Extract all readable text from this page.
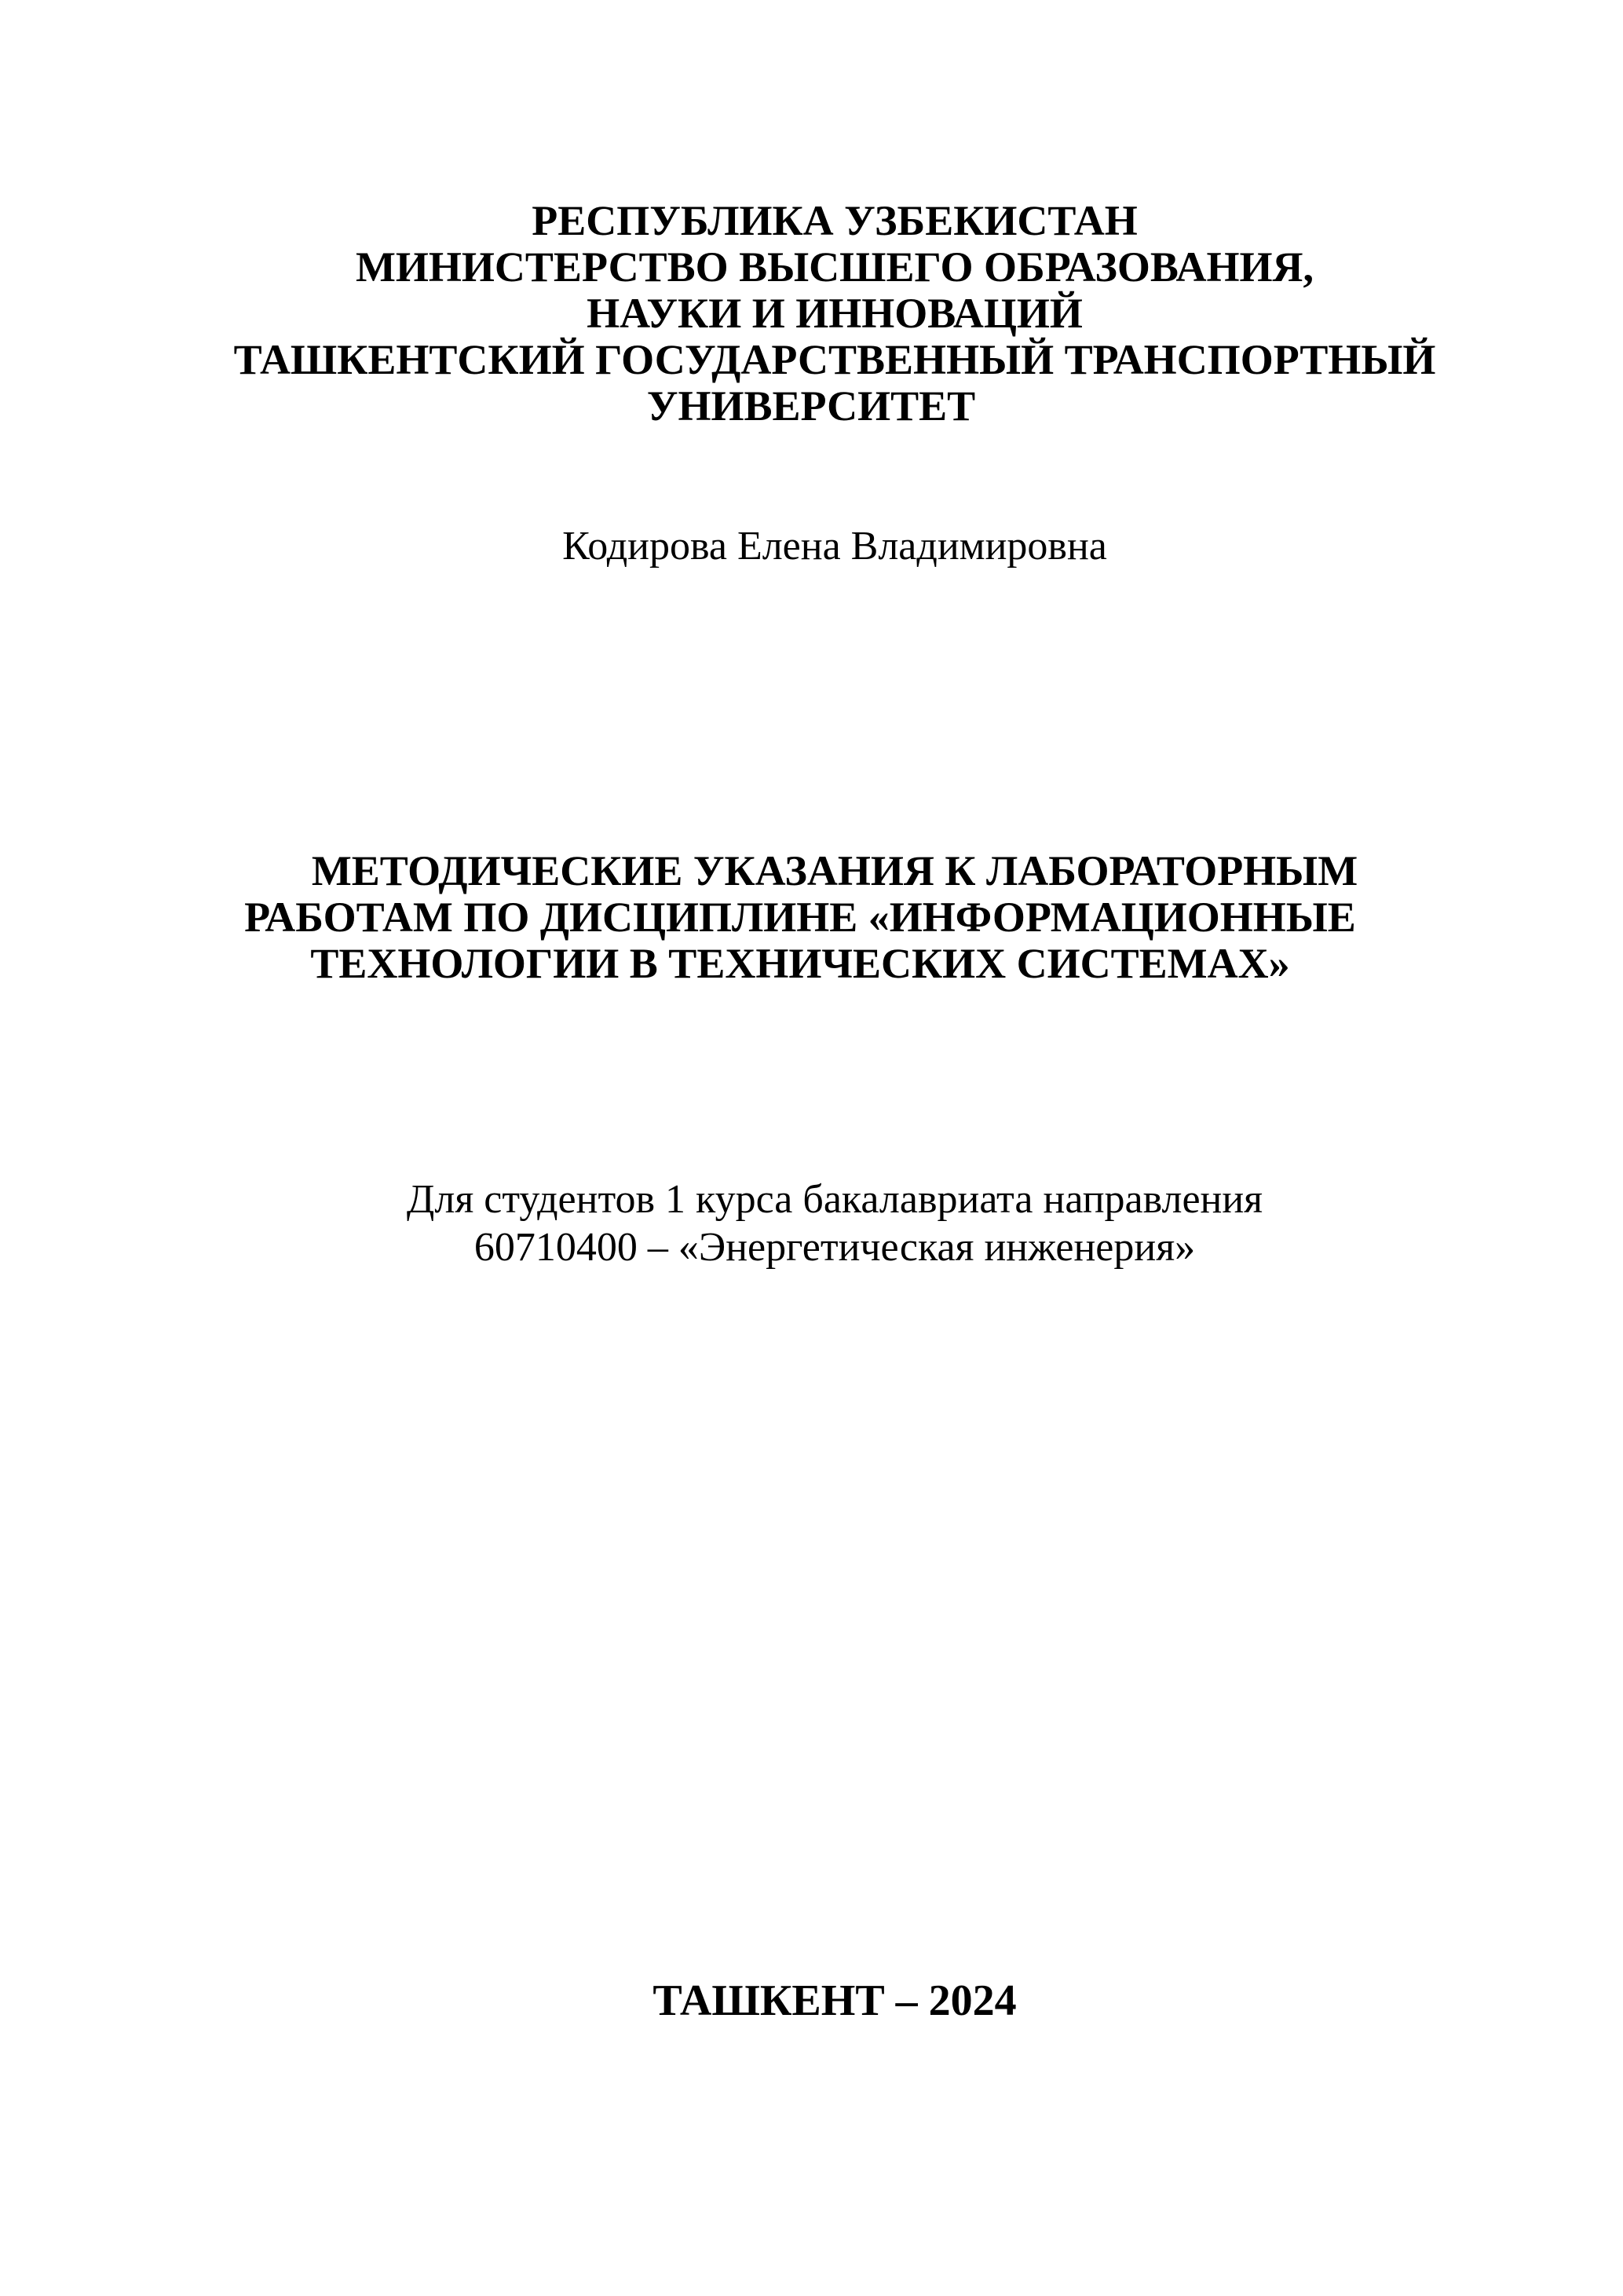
РЕСПУБЛИКА УЗБЕКИСТАН
МИНИСТЕРСТВО ВЫСШЕГО ОБРАЗОВАНИЯ,
НАУКИ И ИННОВАЦИЙ
ТАШКЕНТСКИЙ ГОСУДАРСТВЕННЫЙ ТРАНСПОРТНЫЙ
УНИВЕРСИТЕТ
Кодирова Елена Владимировна
МЕТОДИЧЕСКИЕ УКАЗАНИЯ К ЛАБОРАТОРНЫМ
РАБОТАМ ПО ДИСЦИПЛИНЕ «ИНФОРМАЦИОННЫЕ
ТЕХНОЛОГИИ В ТЕХНИЧЕСКИХ СИСТЕМАХ»
Для студентов 1 курса бакалавриата направления
60710400 – «Энергетическая инженерия»
ТАШКЕНТ – 2024
